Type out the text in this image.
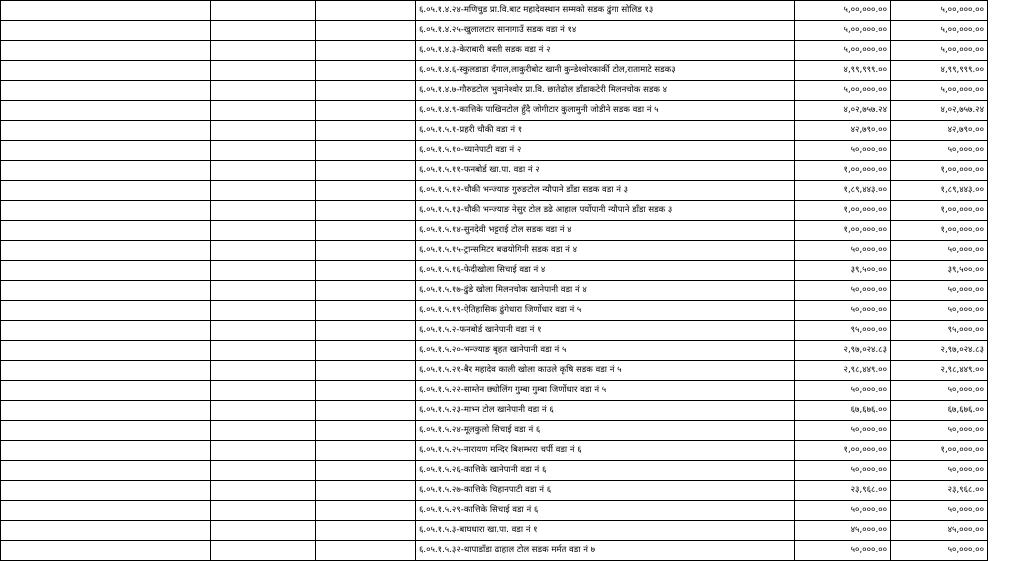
			६.०५.१.४.२४-मणिचुड प्रा.वि.बाट महादेवस्थान सम्मको सडक ढुंगा सोलिड १३	५,००,०००.००	५,००,०००.००
			६.०५.१.४.२५-खुलालटार सानागाउँ सडक वडा नं १४	५,००,०००.००	५,००,०००.००
			६.०५.१.४.३-केराबारी बस्ती सडक वडा नं २	५,००,०००.००	५,००,०००.००
			६.०५.१.४.६-स्कुलडाडा दँगाल,लाकुरीबोट खानी कुन्डेश्वोरकार्की टोल,रातामाटे सडक३	४,९९,९९९.००	४,९९,९९९.००
			६.०५.१.४.७-गौरुडटोल भुवानेश्वोर प्रा.वि. छातेढोल डाँडाकटेरी मिलनचोक सडक ४	५,००,०००.००	५,००,०००.००
			६.०५.१.४.९-कात्तिके पाखिनटोल हुँदै जोगीटार कुलामुनी जोडीने सडक वडा नं ५	४,०२,७५७.२४	४,०२,७५७.२४
			६.०५.१.५.१-प्रहरी चौकी वडा नं १	४२,७९०.००	४२,७९०.००
			६.०५.१.५.१०-च्यानेपाटी वडा नं २	५०,०००.००	५०,०००.००
			६.०५.१.५.११-फनबोर्ड खा.पा. वडा नं २	१,००,०००.००	१,००,०००.००
			६.०५.१.५.१२-चौकी भन्ज्याङ गुरुङटोल न्यौपाने डाँडा सडक वडा नं ३	१,८९,४४३.००	१,८९,४४३.००
			६.०५.१.५.१३-चौकी भन्ज्याङ नेसुर टोल डढे आहाल पर्योपानी न्यौपाने डाँडा सडक ३	१,००,०००.००	१,००,०००.००
			६.०५.१.५.१४-सुनदेवी भट्टराई टोल सडक वडा नं ४	१,००,०००.००	१,००,०००.००
			६.०५.१.५.१५-ट्रान्समिटर बज्रयोगिनी सडक वडा नं ४	५०,०००.००	५०,०००.००
			६.०५.१.५.१६-फेदीखोला सिचाई वडा नं ४	३९,५००.००	३९,५००.००
			६.०५.१.५.१७-ढुंडे खोला मिलनचोक खानेपानी वडा नं ४	५०,०००.००	५०,०००.००
			६.०५.१.५.१९-ऐतिहासिक ढुंगेधारा जिर्णोधार वडा नं ५	५०,०००.००	५०,०००.००
			६.०५.१.५.२-फनबोर्ड खानेपानी वडा नं १	९५,०००.००	९५,०००.००
			६.०५.१.५.२०-भन्ज्याङ बृहत खानेपानी वडा नं ५	२,९७,०२४.८३	२,९७,०२४.८३
			६.०५.१.५.२१-बैर महादेव काली खोला काउले कृषि सडक वडा नं ५	२,९८,४४९.००	२,९८,४४९.००
			६.०५.१.५.२२-साम्तेन छ्योलिंग गुम्बा गुम्बा जिर्णोधार वडा नं ५	५०,०००.००	५०,०००.००
			६.०५.१.५.२३-माभ्न टोल खानेपानी वडा नं ६	६७,६७६.००	६७,६७६.००
			६.०५.१.५.२४-मूलकुलो सिचाई वडा नं ६	५०,०००.००	५०,०००.००
			६.०५.१.५.२५-नारायण मन्दिर बिशम्भरा चर्पी वडा नं ६	१,००,०००.००	१,००,०००.००
			६.०५.१.५.२६-कात्तिके खानेपानी वडा नं ६	५०,०००.००	५०,०००.००
			६.०५.१.५.२७-कात्तिके चिहानपाटी वडा नं ६	२३,९६८.००	२३,९६८.००
			६.०५.१.५.२९-कात्तिके सिचाई वडा नं ६	५०,०००.००	५०,०००.००
			६.०५.१.५.३-बाघधारा खा.पा. वडा नं १	४५,०००.००	४५,०००.००
			६.०५.१.५.३२-थापाडाँडा ढाहाल टोल सडक मर्मत वडा नं ७	५०,०००.००	५०,०००.००
